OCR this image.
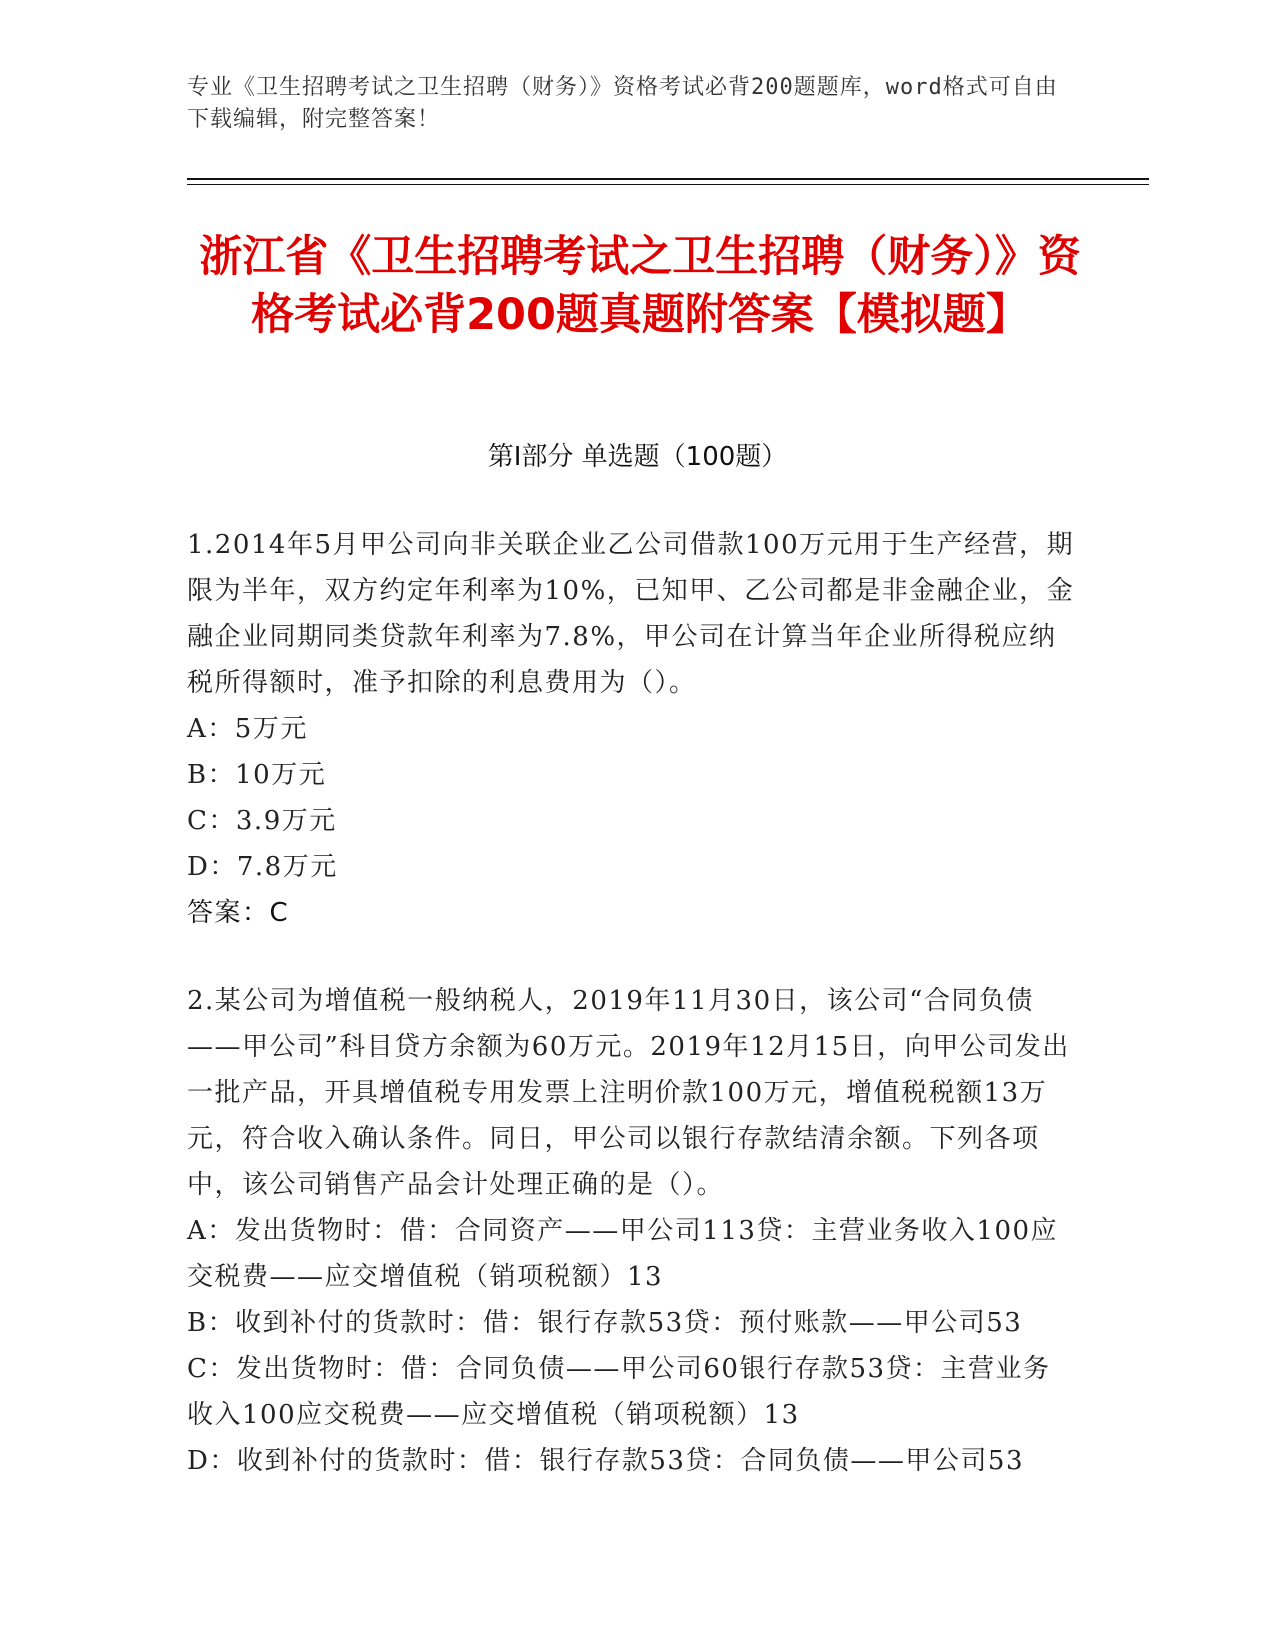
专业《卫生招聘考试之卫生招聘（财务）》资格考试必背200题题库，word格式可自由下载编辑，附完整答案！
浙江省《卫生招聘考试之卫生招聘（财务）》资格考试必背200题真题附答案【模拟题】
第I部分 单选题（100题）

1.2014年5月甲公司向非关联企业乙公司借款100万元用于生产经营，期限为半年，双方约定年利率为10%，已知甲、乙公司都是非金融企业，金融企业同期同类贷款年利率为7.8%，甲公司在计算当年企业所得税应纳税所得额时，准予扣除的利息费用为（）。

A：5万元

B：10万元

C：3.9万元

D：7.8万元

答案：C

2.某公司为增值税一般纳税人，2019年11月30日，该公司“合同负债——甲公司”科目贷方余额为60万元。2019年12月15日，向甲公司发出一批产品，开具增值税专用发票上注明价款100万元，增值税税额13万元，符合收入确认条件。同日，甲公司以银行存款结清余额。下列各项中，该公司销售产品会计处理正确的是（）。

A：发出货物时：借：合同资产——甲公司113贷：主营业务收入100应交税费——应交增值税（销项税额）13

B：收到补付的货款时：借：银行存款53贷：预付账款——甲公司53

C：发出货物时：借：合同负债——甲公司60银行存款53贷：主营业务收入100应交税费——应交增值税（销项税额）13

D：收到补付的货款时：借：银行存款53贷：合同负债——甲公司53
